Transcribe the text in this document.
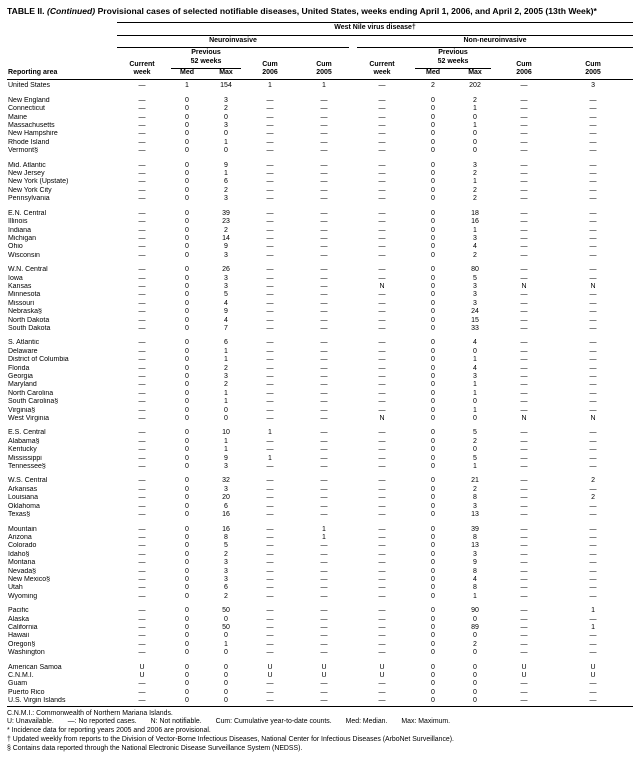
TABLE II. (Continued) Provisional cases of selected notifiable diseases, United States, weeks ending April 1, 2006, and April 2, 2005 (13th Week)*
Reporting area	West Nile virus disease†									

	Neuroinvasive					Non-neuroinvasive				

		Previous					Previous			
	Current	52 weeks		Cum	Cum	Current	52 weeks		Cum	Cum
	week	Med	Max	2006	2005	week	Med	Max	2006	2005
United States	—	1	154	1	1	—	2	202	—	3

New England	—	0	3	—	—	—	0	2	—	—
Connecticut	—	0	2	—	—	—	0	1	—	—
Maine	—	0	0	—	—	—	0	0	—	—
Massachusetts	—	0	3	—	—	—	0	1	—	—
New Hampshire	—	0	0	—	—	—	0	0	—	—
Rhode Island	—	0	1	—	—	—	0	0	—	—
Vermont§	—	0	0	—	—	—	0	0	—	—

Mid. Atlantic	—	0	9	—	—	—	0	3	—	—
New Jersey	—	0	1	—	—	—	0	2	—	—
New York (Upstate)	—	0	6	—	—	—	0	1	—	—
New York City	—	0	2	—	—	—	0	2	—	—
Pennsylvania	—	0	3	—	—	—	0	2	—	—

E.N. Central	—	0	39	—	—	—	0	18	—	—
Illinois	—	0	23	—	—	—	0	16	—	—
Indiana	—	0	2	—	—	—	0	1	—	—
Michigan	—	0	14	—	—	—	0	3	—	—
Ohio	—	0	9	—	—	—	0	4	—	—
Wisconsin	—	0	3	—	—	—	0	2	—	—

W.N. Central	—	0	26	—	—	—	0	80	—	—
Iowa	—	0	3	—	—	—	0	5	—	—
Kansas	—	0	3	—	—	N	0	3	N	N
Minnesota	—	0	5	—	—	—	0	3	—	—
Missouri	—	0	4	—	—	—	0	3	—	—
Nebraska§	—	0	9	—	—	—	0	24	—	—
North Dakota	—	0	4	—	—	—	0	15	—	—
South Dakota	—	0	7	—	—	—	0	33	—	—

S. Atlantic	—	0	6	—	—	—	0	4	—	—
Delaware	—	0	1	—	—	—	0	0	—	—
District of Columbia	—	0	1	—	—	—	0	1	—	—
Florida	—	0	2	—	—	—	0	4	—	—
Georgia	—	0	3	—	—	—	0	3	—	—
Maryland	—	0	2	—	—	—	0	1	—	—
North Carolina	—	0	1	—	—	—	0	1	—	—
South Carolina§	—	0	1	—	—	—	0	0	—	—
Virginia§	—	0	0	—	—	—	0	1	—	—
West Virginia	—	0	0	—	—	N	0	0	N	N

E.S. Central	—	0	10	1	—	—	0	5	—	—
Alabama§	—	0	1	—	—	—	0	2	—	—
Kentucky	—	0	1	—	—	—	0	0	—	—
Mississippi	—	0	9	1	—	—	0	5	—	—
Tennessee§	—	0	3	—	—	—	0	1	—	—

W.S. Central	—	0	32	—	—	—	0	21	—	2
Arkansas	—	0	3	—	—	—	0	2	—	—
Louisiana	—	0	20	—	—	—	0	8	—	2
Oklahoma	—	0	6	—	—	—	0	3	—	—
Texas§	—	0	16	—	—	—	0	13	—	—

Mountain	—	0	16	—	1	—	0	39	—	—
Arizona	—	0	8	—	1	—	0	8	—	—
Colorado	—	0	5	—	—	—	0	13	—	—
Idaho§	—	0	2	—	—	—	0	3	—	—
Montana	—	0	3	—	—	—	0	9	—	—
Nevada§	—	0	3	—	—	—	0	8	—	—
New Mexico§	—	0	3	—	—	—	0	4	—	—
Utah	—	0	6	—	—	—	0	8	—	—
Wyoming	—	0	2	—	—	—	0	1	—	—

Pacific	—	0	50	—	—	—	0	90	—	1
Alaska	—	0	0	—	—	—	0	0	—	—
California	—	0	50	—	—	—	0	89	—	1
Hawaii	—	0	0	—	—	—	0	0	—	—
Oregon§	—	0	1	—	—	—	0	2	—	—
Washington	—	0	0	—	—	—	0	0	—	—

American Samoa	U	0	0	U	U	U	0	0	U	U
C.N.M.I.	U	0	0	U	U	U	0	0	U	U
Guam	—	0	0	—	—	—	0	0	—	—
Puerto Rico	—	0	0	—	—	—	0	0	—	—
U.S. Virgin Islands	—	0	0	—	—	—	0	0	—	—
C.N.M.I.: Commonwealth of Northern Mariana Islands.
U: Unavailable. —: No reported cases. N: Not notifiable. Cum: Cumulative year-to-date counts. Med: Median. Max: Maximum.
* Incidence data for reporting years 2005 and 2006 are provisional.
† Updated weekly from reports to the Division of Vector-Borne Infectious Diseases, National Center for Infectious Diseases (ArboNet Surveillance).
§ Contains data reported through the National Electronic Disease Surveillance System (NEDSS).
